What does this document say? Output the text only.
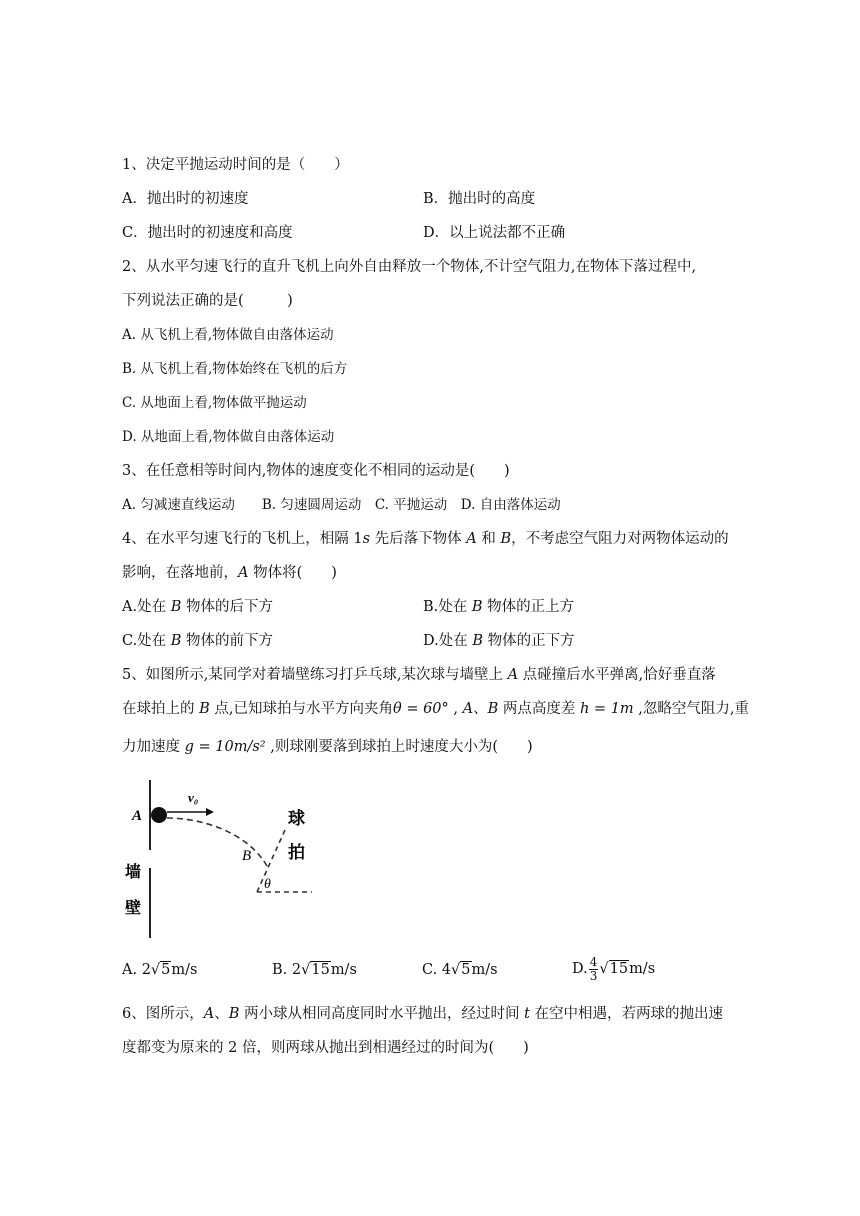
1、决定平抛运动时间的是（　　）
A．抛出时的初速度	B．抛出时的高度
C．抛出时的初速度和高度	D．以上说法都不正确
2、从水平匀速飞行的直升飞机上向外自由释放一个物体,不计空气阻力,在物体下落过程中,
下列说法正确的是(　　　)
A. 从飞机上看,物体做自由落体运动
B. 从飞机上看,物体始终在飞机的后方
C. 从地面上看,物体做平抛运动
D. 从地面上看,物体做自由落体运动
3、在任意相等时间内,物体的速度变化不相同的运动是(　　)
A. 匀减速直线运动　　B. 匀速圆周运动　C. 平抛运动　D. 自由落体运动
4、在水平匀速飞行的飞机上，相隔 1s 先后落下物体 A 和 B，不考虑空气阻力对两物体运动的
影响，在落地前，A 物体将(　　)
A.处在 B 物体的后下方	B.处在 B 物体的正上方
C.处在 B 物体的前下方	D.处在 B 物体的正下方
5、如图所示,某同学对着墙壁练习打乒乓球,某次球与墙壁上 A 点碰撞后水平弹离,恰好垂直落
在球拍上的 B 点,已知球拍与水平方向夹角θ = 60° , A、B 两点高度差 h = 1m ,忽略空气阻力,重
力加速度 g = 10m/s² ,则球刚要落到球拍上时速度大小为(　　)
A
v₀
B
θ
球
拍
墙
壁
A. 2√5m/s	B. 2√15m/s	C. 4√5m/s	D. $\frac{4}{3} √15m/s$
6、图所示，A、B 两小球从相同高度同时水平抛出，经过时间 t 在空中相遇，若两球的抛出速
度都变为原来的 2 倍，则两球从抛出到相遇经过的时间为(　　)
